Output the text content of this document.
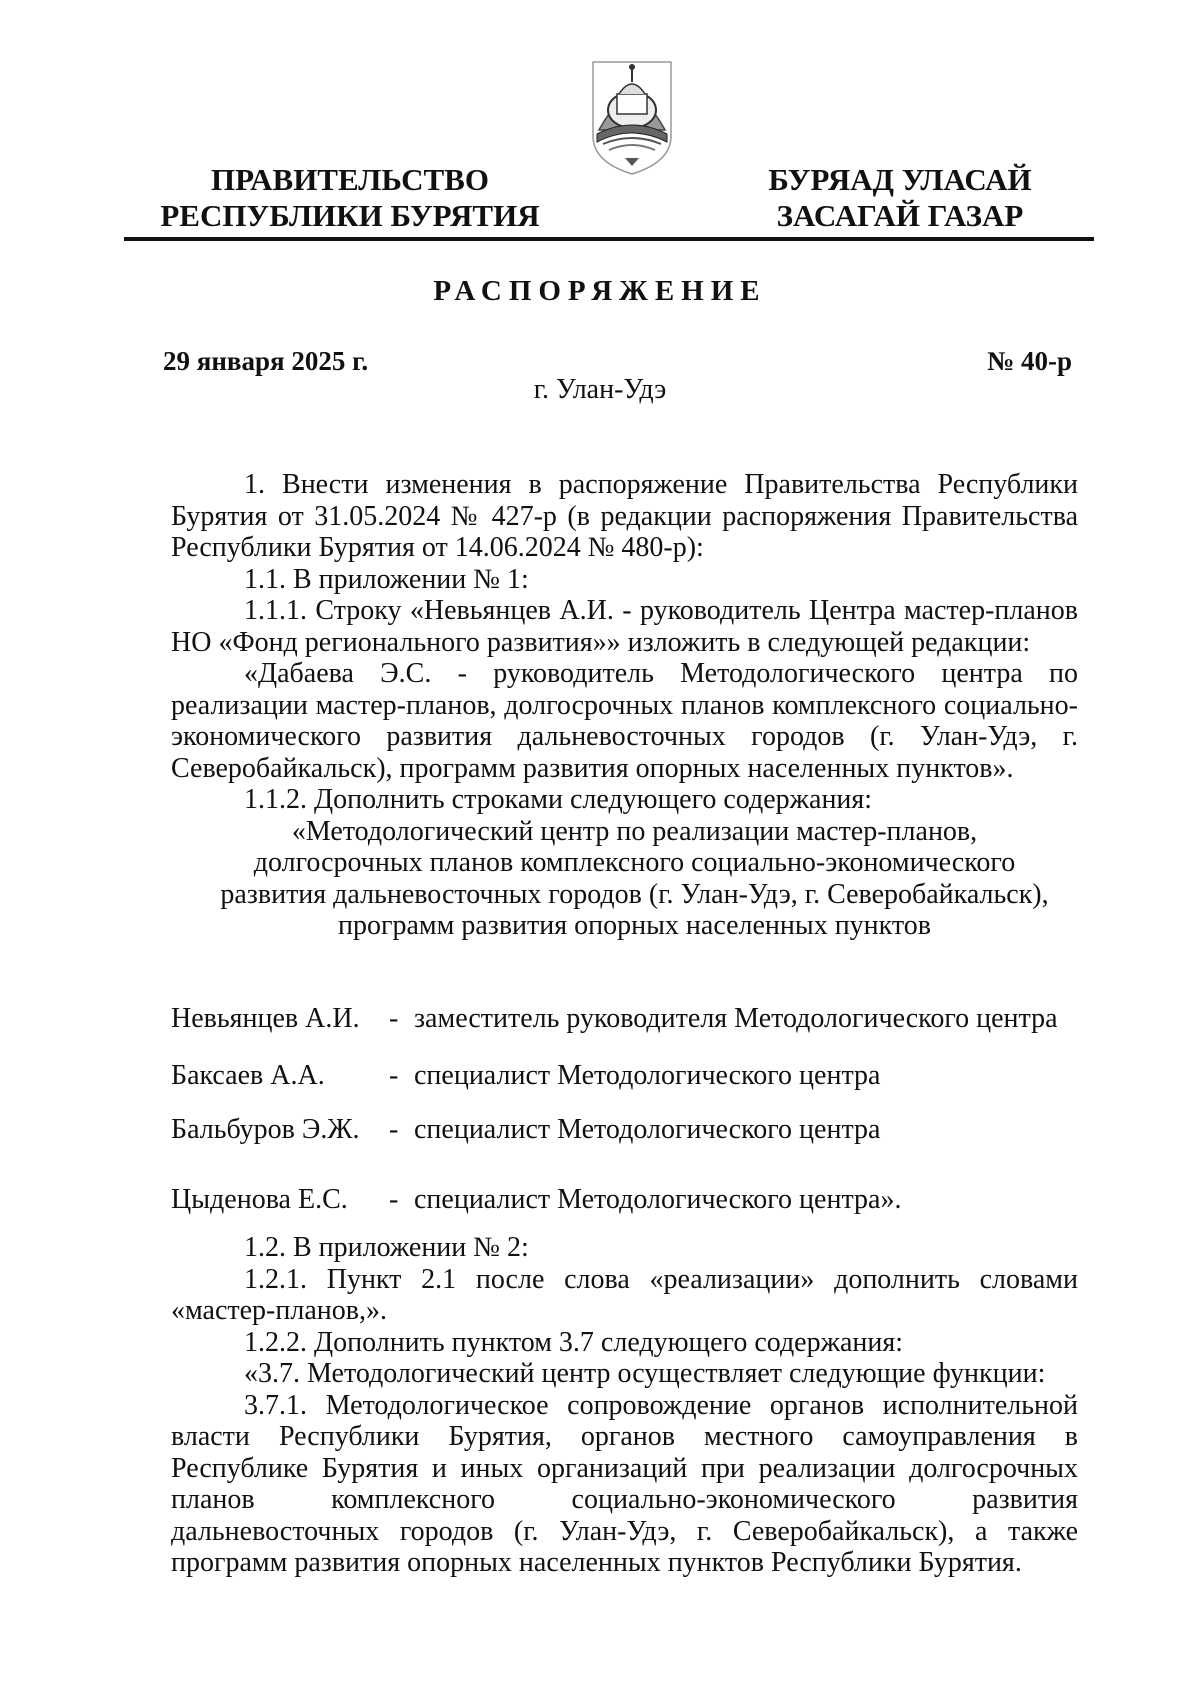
ПРАВИТЕЛЬСТВО
РЕСПУБЛИКИ БУРЯТИЯ
БУРЯАД УЛАСАЙ
ЗАСАГАЙ ГАЗАР
РАСПОРЯЖЕНИЕ
29 января 2025 г.	№ 40-р
г. Улан-Удэ

1. Внести изменения в распоряжение Правительства Республики Бурятия от 31.05.2024 № 427-р (в редакции распоряжения Правительства Республики Бурятия от 14.06.2024 № 480-р):

1.1. В приложении № 1:

1.1.1. Строку «Невьянцев А.И. - руководитель Центра мастер-планов НО «Фонд регионального развития»» изложить в следующей редакции:

«Дабаева Э.С. - руководитель Методологического центра по реализации мастер-планов, долгосрочных планов комплексного социально-экономического развития дальневосточных городов (г. Улан-Удэ, г. Северобайкальск), программ развития опорных населенных пунктов».

1.1.2. Дополнить строками следующего содержания:

«Методологический центр по реализации мастер-планов,

долгосрочных планов комплексного социально-экономического

развития дальневосточных городов (г. Улан-Удэ, г. Северобайкальск),

программ развития опорных населенных пунктов

Невьянцев А.И. - заместитель руководителя Методологического центра
Баксаев А.А. - специалист Методологического центра
Бальбуров Э.Ж. - специалист Методологического центра
Цыденова Е.С. - специалист Методологического центра».

1.2. В приложении № 2:

1.2.1. Пункт 2.1 после слова «реализации» дополнить словами «мастер-планов,».

1.2.2. Дополнить пунктом 3.7 следующего содержания:

«3.7. Методологический центр осуществляет следующие функции:

3.7.1. Методологическое сопровождение органов исполнительной власти Республики Бурятия, органов местного самоуправления в Республике Бурятия и иных организаций при реализации долгосрочных планов комплексного социально-экономического развития дальневосточных городов (г. Улан-Удэ, г. Северобайкальск), а также программ развития опорных населенных пунктов Республики Бурятия.
